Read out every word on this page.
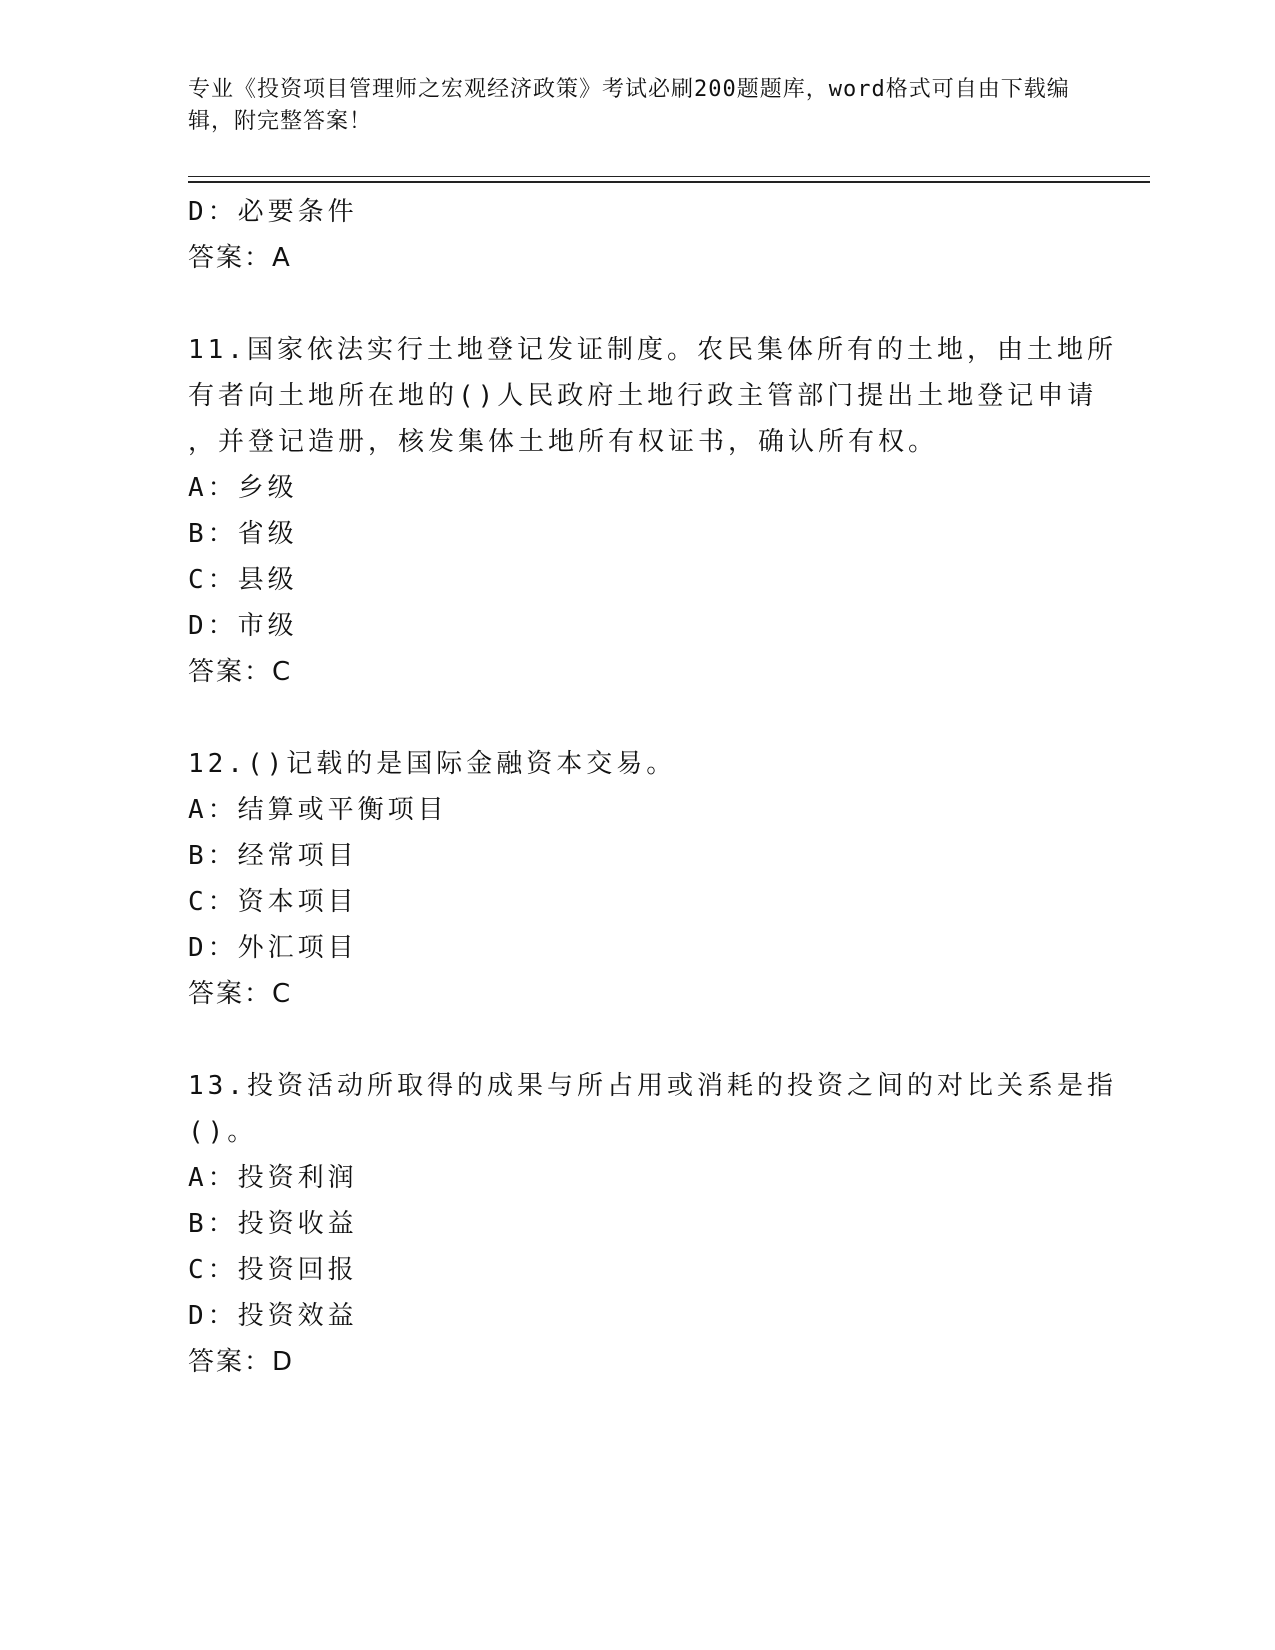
专业《投资项目管理师之宏观经济政策》考试必刷200题题库，word格式可自由下载编辑，附完整答案！
D：必要条件
答案：A
11.国家依法实行土地登记发证制度。农民集体所有的土地，由土地所
有者向土地所在地的()人民政府土地行政主管部门提出土地登记申请
，并登记造册，核发集体土地所有权证书，确认所有权。
A：乡级
B：省级
C：县级
D：市级
答案：C
12.()记载的是国际金融资本交易。
A：结算或平衡项目
B：经常项目
C：资本项目
D：外汇项目
答案：C
13.投资活动所取得的成果与所占用或消耗的投资之间的对比关系是指
()。
A：投资利润
B：投资收益
C：投资回报
D：投资效益
答案：D
